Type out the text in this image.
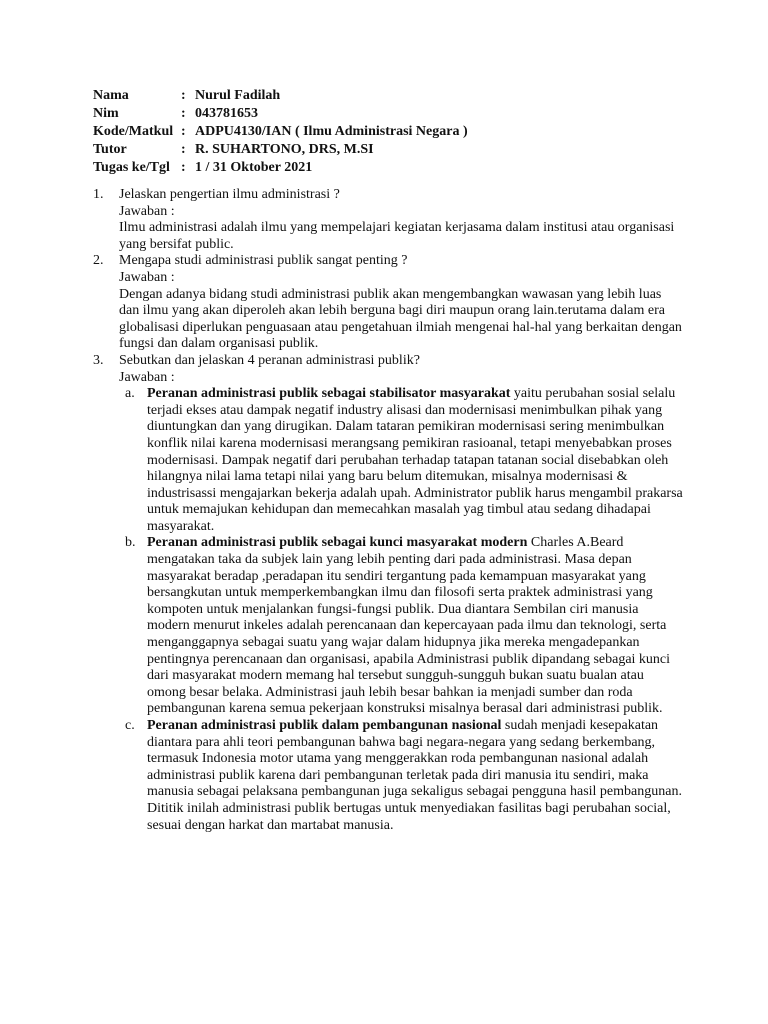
Nama	: Nurul Fadilah
Nim	: 043781653
Kode/Matkul : ADPU4130/IAN ( Ilmu Administrasi Negara )
Tutor	: R. SUHARTONO, DRS, M.SI
Tugas ke/Tgl : 1 / 31 Oktober 2021
1. Jelaskan pengertian ilmu administrasi ?
Jawaban :

Ilmu administrasi adalah ilmu yang mempelajari kegiatan kerjasama dalam institusi atau organisasi yang bersifat public.

2. Mengapa studi administrasi publik sangat penting ?
Jawaban :

Dengan adanya bidang studi administrasi publik akan mengembangkan wawasan yang lebih luas dan ilmu yang akan diperoleh akan lebih berguna bagi diri maupun orang lain.terutama dalam era globalisasi diperlukan penguasaan atau pengetahuan ilmiah mengenai hal-hal yang berkaitan dengan fungsi dan dalam organisasi publik.

3. Sebutkan dan jelaskan 4 peranan administrasi publik?
Jawaban :
a. Peranan administrasi publik sebagai stabilisator masyarakat yaitu perubahan sosial selalu terjadi ekses atau dampak negatif industry alisasi dan modernisasi menimbulkan pihak yang diuntungkan dan yang dirugikan. Dalam tataran pemikiran modernisasi sering menimbulkan konflik nilai karena modernisasi merangsang pemikiran rasioanal, tetapi menyebabkan proses modernisasi. Dampak negatif dari perubahan terhadap tatapan tatanan social disebabkan oleh hilangnya nilai lama tetapi nilai yang baru belum ditemukan, misalnya modernisasi & industrisassi mengajarkan bekerja adalah upah. Administrator publik harus mengambil prakarsa untuk memajukan kehidupan dan memecahkan masalah yag timbul atau sedang dihadapai masyarakat.

b. Peranan administrasi publik sebagai kunci masyarakat modern Charles A.Beard mengatakan taka da subjek lain yang lebih penting dari pada administrasi. Masa depan masyarakat beradap ,peradapan itu sendiri tergantung pada kemampuan masyarakat yang bersangkutan untuk memperkembangkan ilmu dan filosofi serta praktek administrasi yang kompoten untuk menjalankan fungsi-fungsi publik. Dua diantara Sembilan ciri manusia modern menurut inkeles adalah perencanaan dan kepercayaan pada ilmu dan teknologi, serta menganggapnya sebagai suatu yang wajar dalam hidupnya jika mereka mengadepankan pentingnya perencanaan dan organisasi, apabila Administrasi publik dipandang sebagai kunci dari masyarakat modern memang hal tersebut sungguh-sungguh bukan suatu bualan atau omong besar belaka. Administrasi jauh lebih besar bahkan ia menjadi sumber dan roda pembangunan karena semua pekerjaan konstruksi misalnya berasal dari administrasi publik.

c. Peranan administrasi publik dalam pembangunan nasional sudah menjadi kesepakatan diantara para ahli teori pembangunan bahwa bagi negara-negara yang sedang berkembang, termasuk Indonesia motor utama yang menggerakkan roda pembangunan nasional adalah administrasi publik karena dari pembangunan terletak pada diri manusia itu sendiri, maka manusia sebagai pelaksana pembangunan juga sekaligus sebagai pengguna hasil pembangunan. Dititik inilah administrasi publik bertugas untuk menyediakan fasilitas bagi perubahan social, sesuai dengan harkat dan martabat manusia.
